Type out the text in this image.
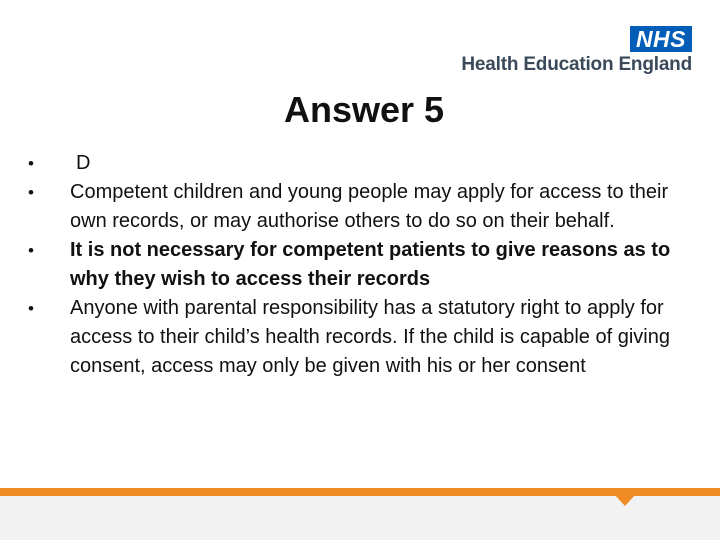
NHS
Health Education England
Answer 5
• D
• Competent children and young people may apply for access to their own records, or may authorise others to do so on their behalf.
• It is not necessary for competent patients to give reasons as to why they wish to access their records
• Anyone with parental responsibility has a statutory right to apply for access to their child’s health records. If the child is capable of giving consent, access may only be given with his or her consent
